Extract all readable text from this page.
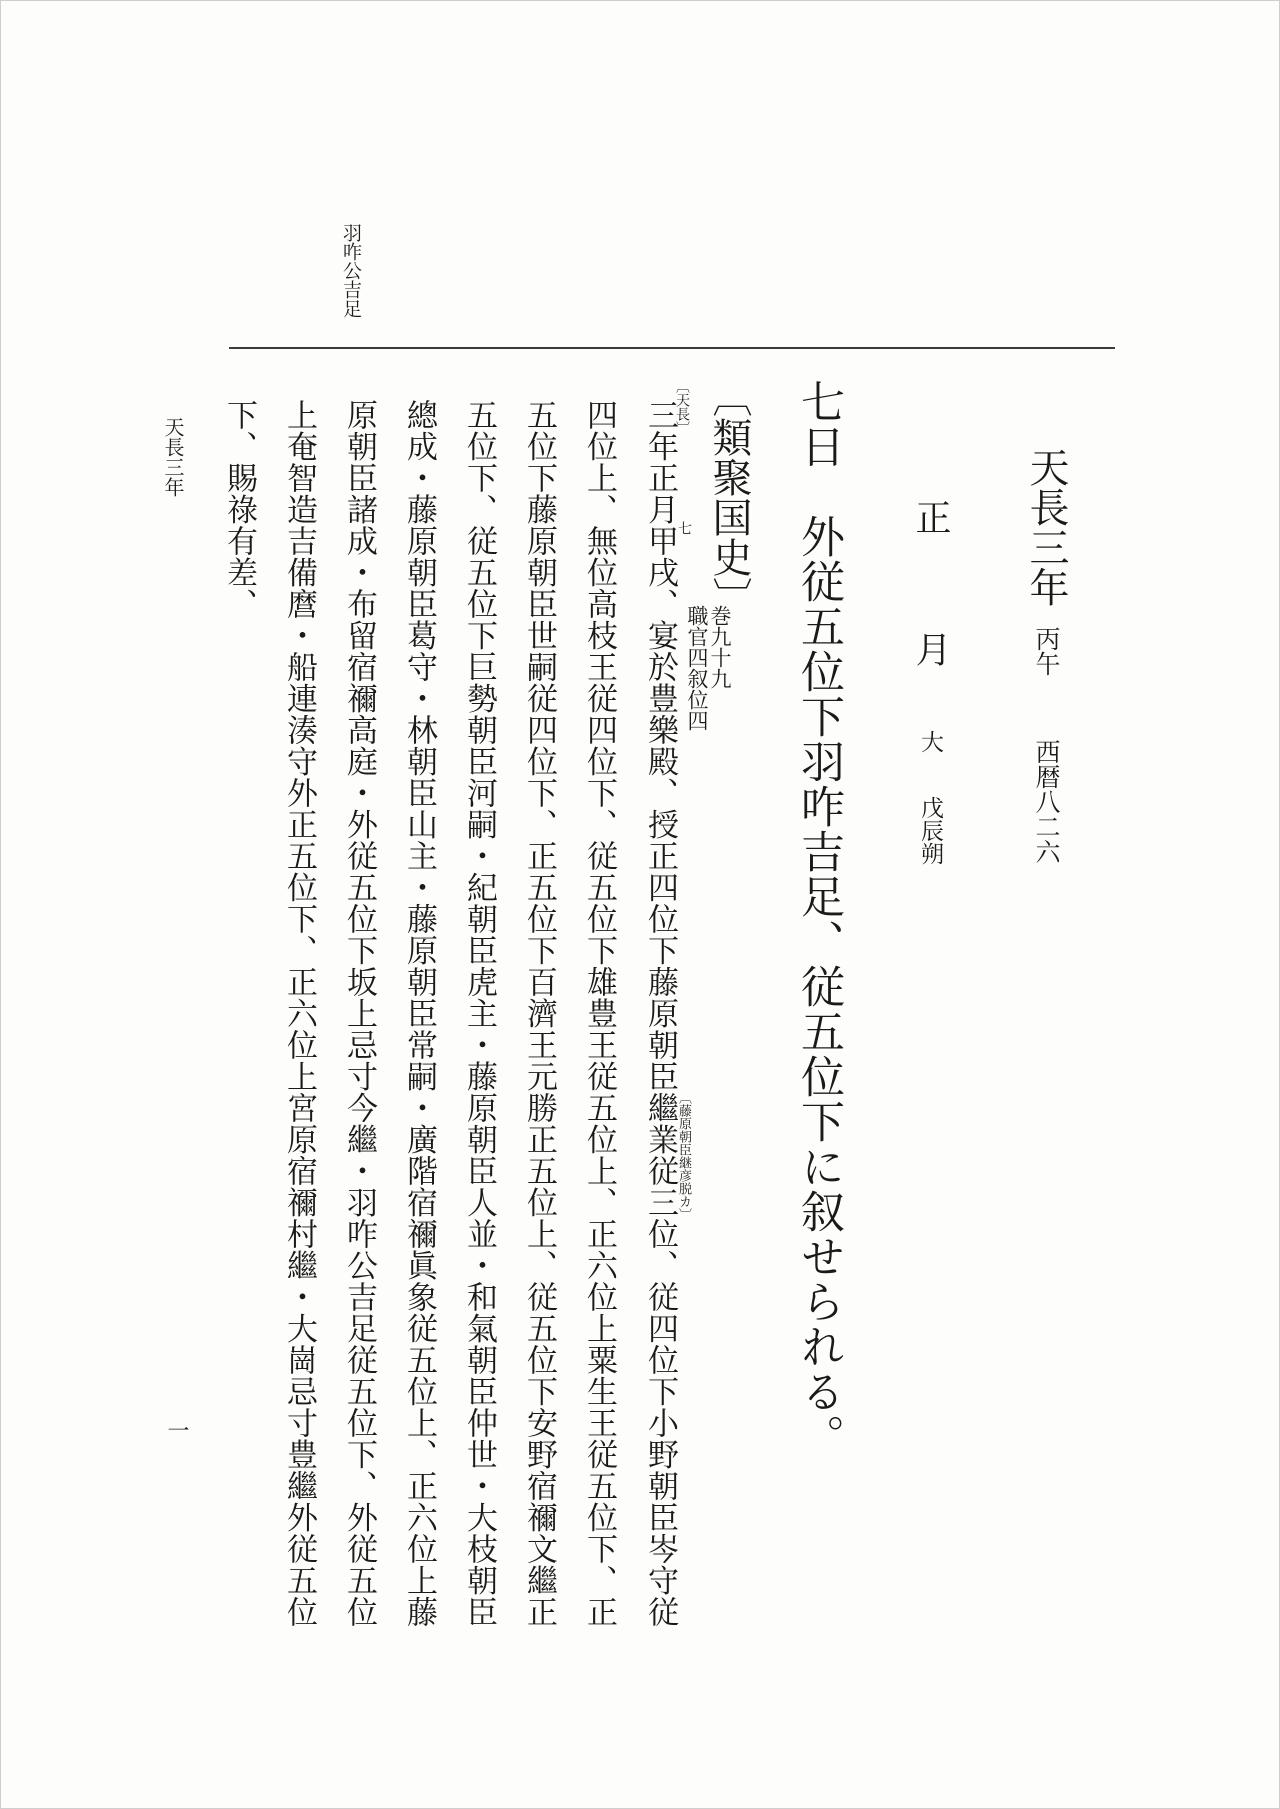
羽咋公吉足
天長三年 丙午 西暦八二六
正　月 大 戊辰朔
七日　外従五位下羽咋吉足、従五位下に叙せられる。
〔類聚国史〕
巻九十九
職官四叙位四
〔天長〕
七
〔藤原朝臣継彦脱カ〕
三年正月甲戌、宴於豊樂殿、授正四位下藤原朝臣繼業従三位、従四位下小野朝臣岑守従
四位上、無位高枝王従四位下、従五位下雄豊王従五位上、正六位上粟生王従五位下、正
五位下藤原朝臣世嗣従四位下、正五位下百濟王元勝正五位上、従五位下安野宿禰文繼正
五位下、従五位下巨勢朝臣河嗣・紀朝臣虎主・藤原朝臣人並・和氣朝臣仲世・大枝朝臣
總成・藤原朝臣葛守・林朝臣山主・藤原朝臣常嗣・廣階宿禰眞象従五位上、正六位上藤
原朝臣諸成・布留宿禰高庭・外従五位下坂上忌寸今繼・羽咋公吉足従五位下、外従五位
上奄智造吉備麿・船連湊守外正五位下、正六位上宮原宿禰村繼・大崗忌寸豊繼外従五位
下、賜祿有差、
天長三年
一
